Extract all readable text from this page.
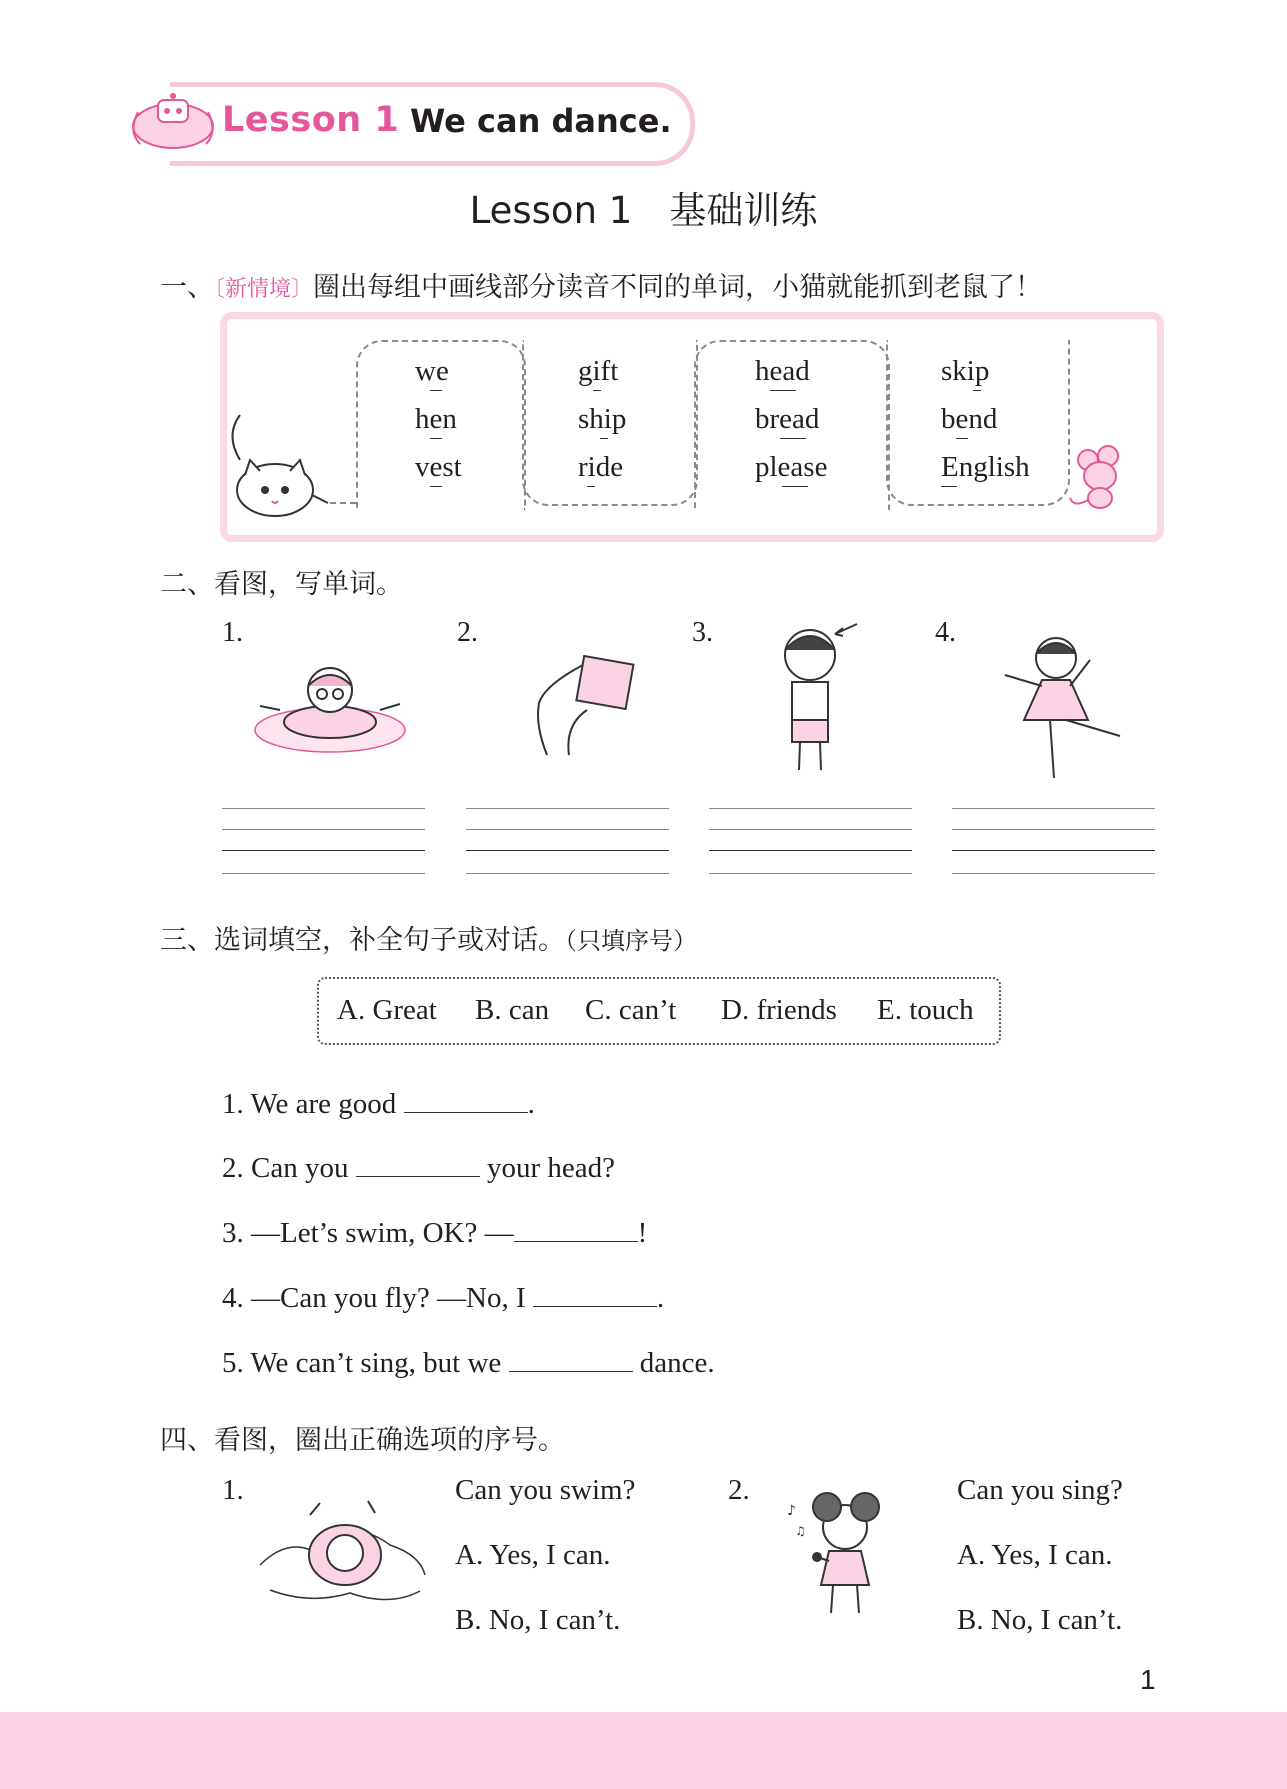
Lesson 1 We can dance.
Lesson 1　基础训练
一、〔新情境〕圈出每组中画线部分读音不同的单词，小猫就能抓到老鼠了！
we
hen
vest
gift
ship
ride
head
bread
please
skip
bend
English
二、看图，写单词。
1.	2.	3.	4.
三、选词填空，补全句子或对话。（只填序号）
A. Great B. can C. can’t D. friends E. touch
1. We are good	.
2. Can you	your head?
3. —Let’s swim, OK? —	!
4. —Can you fly? —No, I	.
5. We can’t sing, but we	dance.
四、看图，圈出正确选项的序号。
1.	Can you swim?
A. Yes, I can.
B. No, I can’t.
2.
♪
♫
Can you sing?
A. Yes, I can.
B. No, I can’t.
1
